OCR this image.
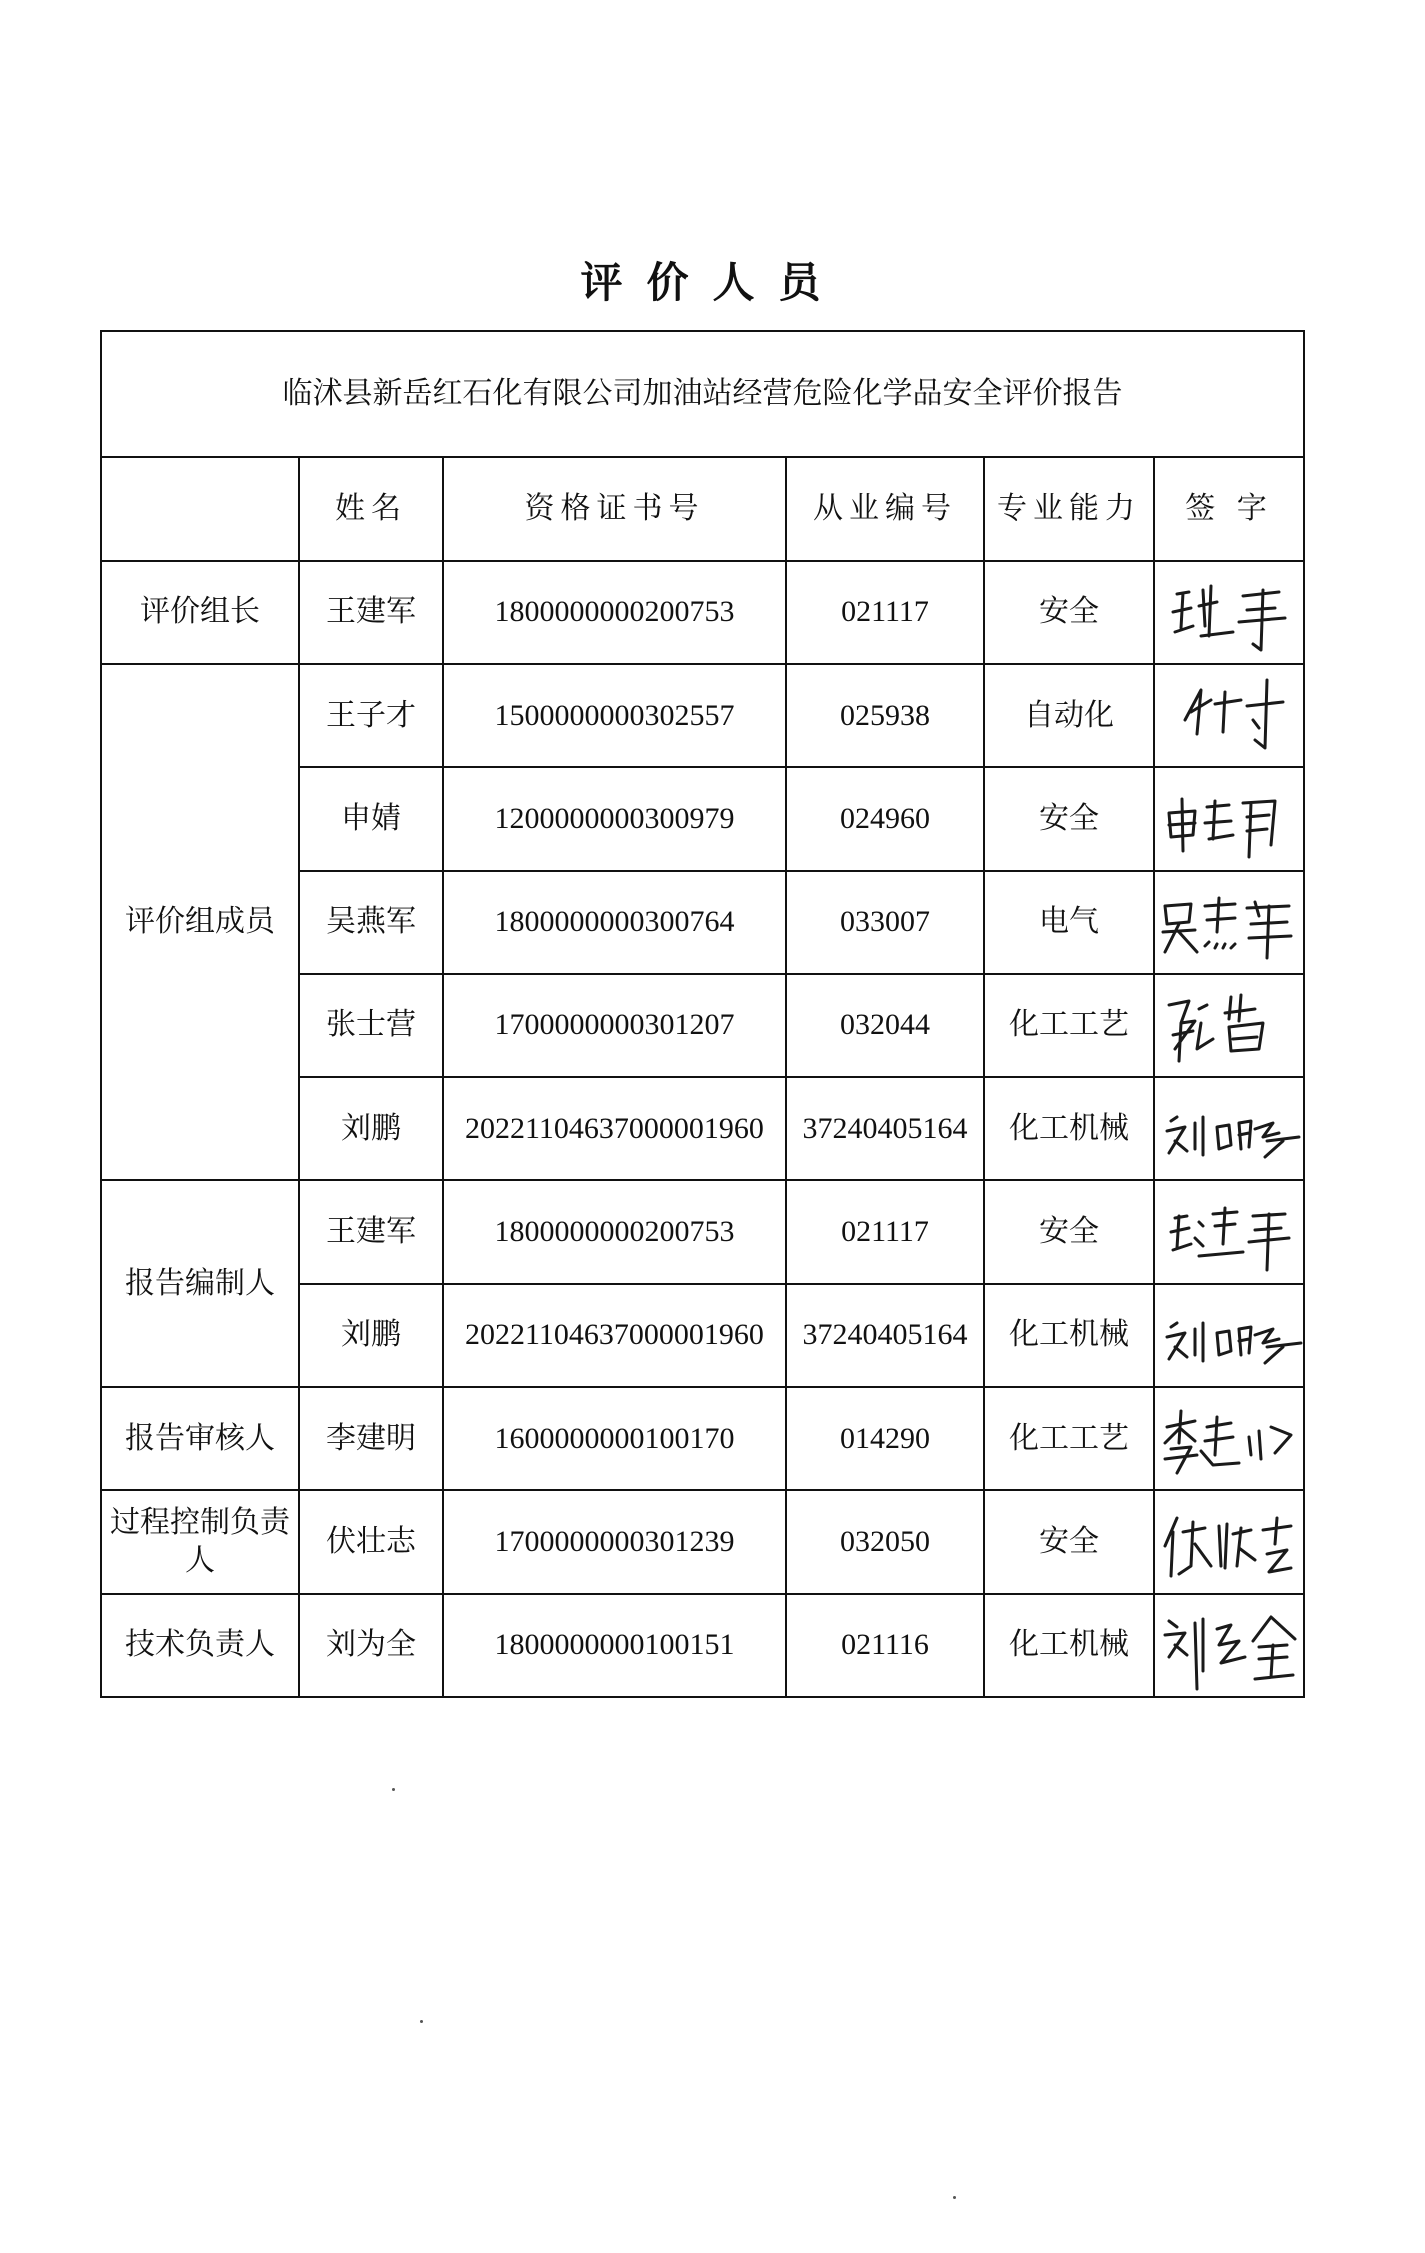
评价人员
临沭县新岳红石化有限公司加油站经营危险化学品安全评价报告					
	姓名	资格证书号	从业编号	专业能力	签 字
评价组长	王建军	1800000000200753	021117	安全	

评价组成员	王子才	1500000000302557	025938	自动化	

	申婧	1200000000300979	024960	安全	

	吴燕军	1800000000300764	033007	电气	

	张士营	1700000000301207	032044	化工工艺	

	刘鹏	20221104637000001960	37240405164	化工机械	

报告编制人	王建军	1800000000200753	021117	安全	

	刘鹏	20221104637000001960	37240405164	化工机械	

报告审核人	李建明	1600000000100170	014290	化工工艺	

过程控制负责人	伏壮志	1700000000301239	032050	安全	

技术负责人	刘为全	1800000000100151	021116	化工机械	
